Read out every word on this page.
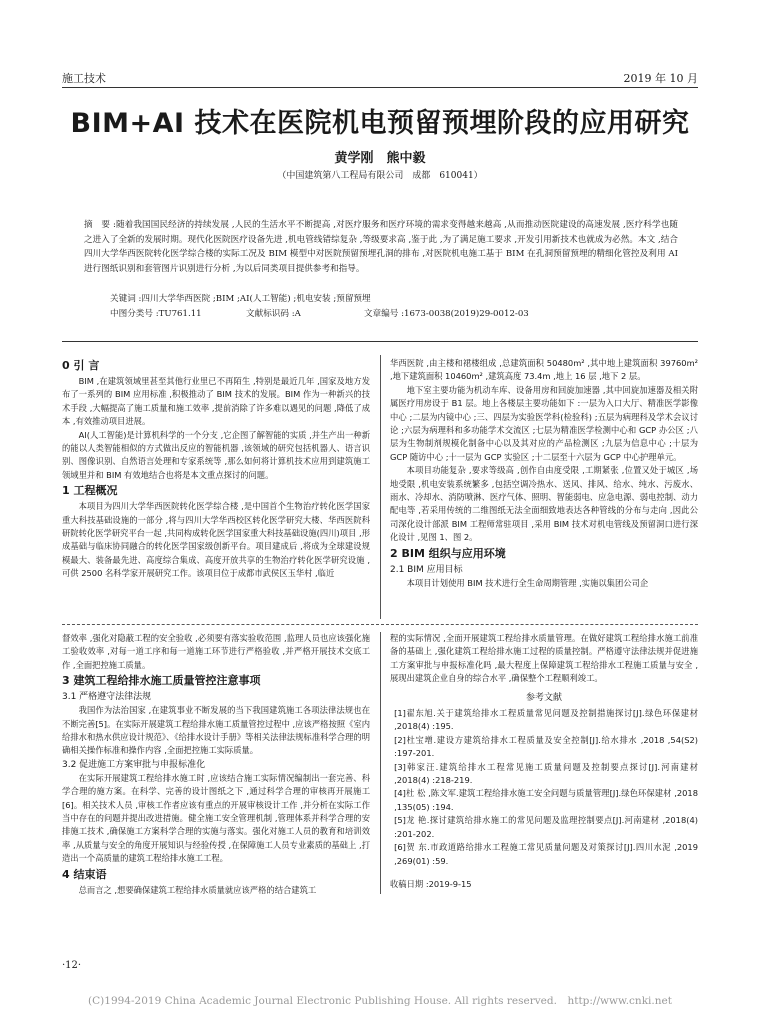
施工技术	2019 年 10 月
BIM+AI 技术在医院机电预留预埋阶段的应用研究
黄学刚　熊中毅
（中国建筑第八工程局有限公司　成都　610041）
摘　要 :随着我国国民经济的持续发展 ,人民的生活水平不断提高 ,对医疗服务和医疗环境的需求变得越来越高 ,从而推动医院建设的高速发展 ,医疗科学也随之进入了全新的发展时期。现代化医院医疗设备先进 ,机电管线错综复杂 ,等级要求高 ,鉴于此 ,为了满足施工要求 ,开发引用新技术也就成为必然。本文 ,结合四川大学华西医院转化医学综合楼的实际工况及 BIM 模型中对医院预留预埋孔洞的排布 ,对医院机电施工基于 BIM 在孔洞预留预埋的精细化管控及利用 AI 进行图纸识别和套管图片识别进行分析 ,为以后同类项目提供参考和指导。
关键词 :四川大学华西医院 ;BIM ;AI(人工智能) ;机电安装 ;预留预埋
中图分类号 :TU761.11	文献标识码 :A	文章编号 :1673-0038(2019)29-0012-03
0 引 言

BIM ,在建筑领域里甚至其他行业里已不再陌生 ,特别是最近几年 ,国家及地方发布了一系列的 BIM 应用标准 ,积极推动了 BIM 技术的发展。BIM 作为一种新兴的技术手段 ,大幅提高了施工质量和施工效率 ,提前消除了许多难以遇见的问题 ,降低了成本 ,有效推动项目进展。

AI(人工智能)是计算机科学的一个分支 ,它企图了解智能的实质 ,并生产出一种新的能以人类智能相似的方式做出反应的智能机器 ,该领域的研究包括机器人、语言识别、图像识别、自然语言处理和专家系统等 ,那么如何将计算机技术应用到建筑施工领域里并和 BIM 有效地结合也将是本文重点探讨的问题。

1 工程概况

本项目为四川大学华西医院转化医学综合楼 ,是中国首个生物治疗转化医学国家重大科技基础设施的一部分 ,将与四川大学华西校区转化医学研究大楼、华西医院科研院转化医学研究平台一起 ,共同构成转化医学国家重大科技基础设施(四川)项目 ,形成基础与临床协同融合的转化医学国家级创新平台。项目建成后 ,将成为全球建设规模最大、装备最先进、高度综合集成、高度开放共享的生物治疗转化医学研究设施 ,可供 2500 名科学家开展研究工作。该项目位于成都市武侯区玉华村 ,临近

华西医院 ,由主楼和裙楼组成 ,总建筑面积 50480m² ,其中地上建筑面积 39760m² ,地下建筑面积 10460m² ,建筑高度 73.4m ,地上 16 层 ,地下 2 层。

地下室主要功能为机动车库、设备用房和回旋加速器 ,其中回旋加速器及相关附属医疗用房设于 B1 层。地上各楼层主要功能如下 :一层为入口大厅、精准医学影像中心 ;二层为内镜中心 ;三、四层为实验医学科(检验科) ;五层为病理科及学术会议讨论 ;六层为病理科和多功能学术交流区 ;七层为精准医学检测中心和 GCP 办公区 ;八层为生物制剂规模化制备中心以及其对应的产品检测区 ;九层为信息中心 ;十层为 GCP 随访中心 ;十一层为 GCP 实验区 ;十二层至十六层为 GCP 中心护理单元。

本项目功能复杂 ,要求等级高 ,创作自由度受限 ,工期紧张 ,位置又处于城区 ,场地受限 ,机电安装系统繁多 ,包括空调冷热水、送风、排风、给水、纯水、污废水、雨水、冷却水、消防喷淋、医疗气体、照明、智能弱电、应急电源、弱电控制、动力配电等 ,若采用传统的二维图纸无法全面细致地表达各种管线的分布与走向 ,因此公司深化设计部派 BIM 工程师常驻项目 ,采用 BIM 技术对机电管线及预留洞口进行深化设计 ,见图 1、图 2。

2 BIM 组织与应用环境
2.1 BIM 应用目标

本项目计划使用 BIM 技术进行全生命周期管理 ,实施以集团公司企

督效率 ,强化对隐蔽工程的安全验收 ,必须要有落实验收范围 ,监理人员也应该强化施工验收效率 ,对每一道工序和每一道施工环节进行严格验收 ,并严格开展技术交底工作 ,全面把控施工质量。

3 建筑工程给排水施工质量管控注意事项
3.1 严格遵守法律法规

我国作为法治国家 ,在建筑事业不断发展的当下我国建筑施工各项法律法规也在不断完善[5]。在实际开展建筑工程给排水施工质量管控过程中 ,应该严格按照《室内给排水和热水供应设计规范》、《给排水设计手册》等相关法律法规标准科学合理的明确相关操作标准和操作内容 ,全面把控施工实际质量。

3.2 促进施工方案审批与申报标准化

在实际开展建筑工程给排水施工时 ,应该结合施工实际情况编制出一套完善、科学合理的施方案。在科学、完善的设计图纸之下 ,通过科学合理的审核再开展施工[6]。相关技术人员 ,审核工作者应该有重点的开展审核设计工作 ,并分析在实际工作当中存在的问题并提出改进措施。健全施工安全管理机制 ,管理体系并科学合理的安排施工技术 ,确保施工方案科学合理的实施与落实。强化对施工人员的教育和培训效率 ,从质量与安全的角度开展知识与经验传授 ,在保障施工人员专业素质的基础上 ,打造出一个高质量的建筑工程给排水施工工程。

4 结束语

总而言之 ,想要确保建筑工程给排水质量就应该严格的结合建筑工

程的实际情况 ,全面开展建筑工程给排水质量管理。在做好建筑工程给排水施工前准备的基础上 ,强化建筑工程给排水施工过程的质量控制。严格遵守法律法规并促进施工方案审批与申报标准化吗 ,最大程度上保障建筑工程给排水工程施工质量与安全 ,展现出建筑企业自身的综合水平 ,确保整个工程顺利竣工。

参考文献

[1]翟东旭.关于建筑给排水工程质量常见问题及控制措施探讨[J].绿色环保建材 ,2018(4) :195.

[2]杜宝增.建设方建筑给排水工程质量及安全控制[J].给水排水 ,2018 ,54(S2) :197-201.

[3]韩家汪.建筑给排水工程常见施工质量问题及控制要点探讨[J].河南建材 ,2018(4) :218-219.

[4]杜 松 ,陈文军.建筑工程给排水施工安全问题与质量管理[J].绿色环保建材 ,2018 ,135(05) :194.

[5]龙 艳.探讨建筑给排水施工的常见问题及监理控制要点[J].河南建材 ,2018(4) :201-202.

[6]贺 东.市政道路给排水工程施工常见质量问题及对策探讨[J].四川水泥 ,2019 ,269(01) :59.

收稿日期 :2019-9-15

·12·
(C)1994-2019 China Academic Journal Electronic Publishing House. All rights reserved.　http://www.cnki.net
